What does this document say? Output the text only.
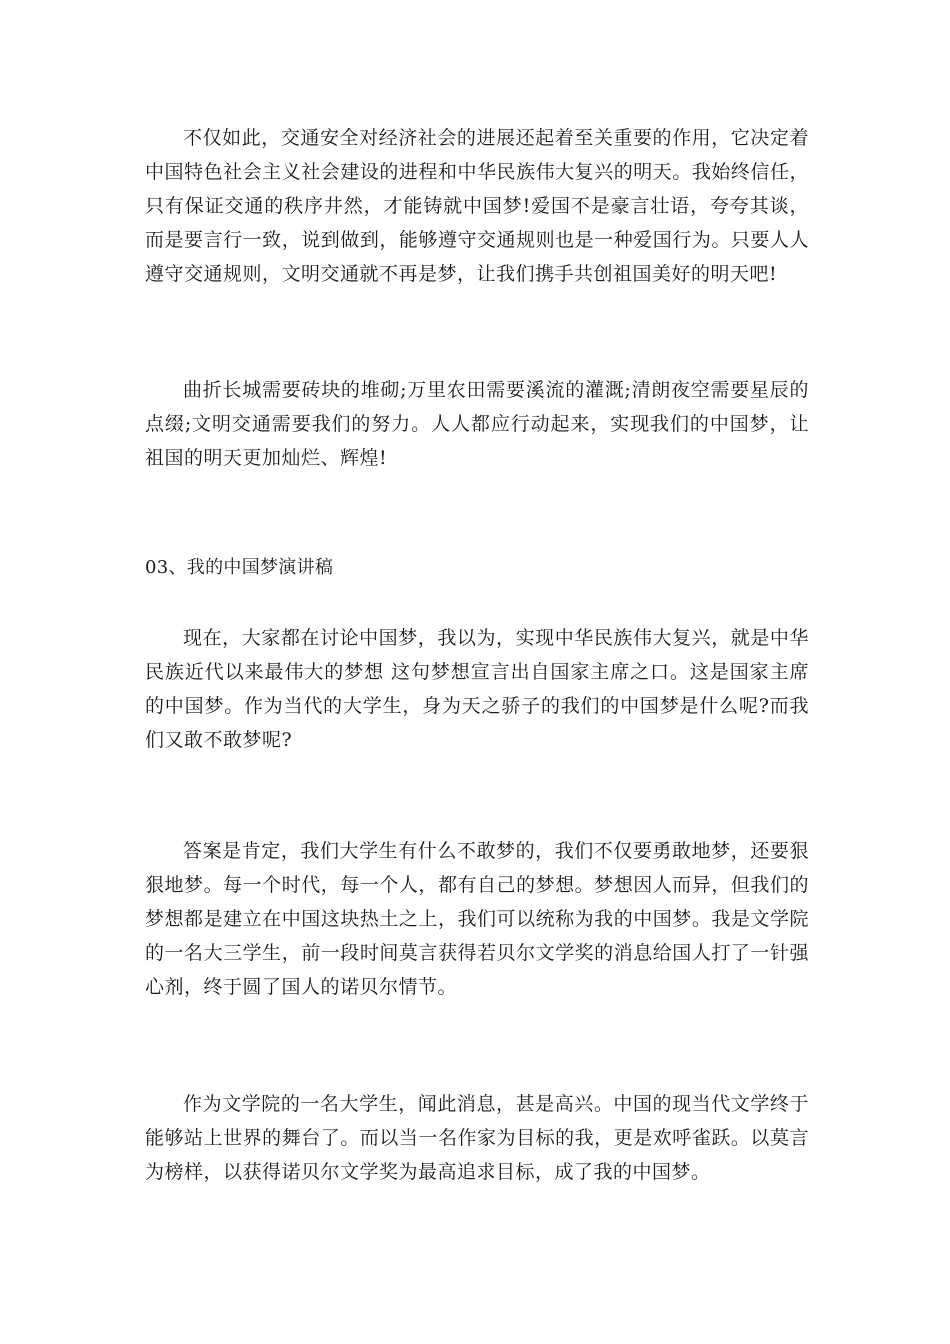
不仅如此，交通安全对经济社会的进展还起着至关重要的作用，它决定着中国特色社会主义社会建设的进程和中华民族伟大复兴的明天。我始终信任，只有保证交通的秩序井然，才能铸就中国梦!爱国不是豪言壮语，夸夸其谈，而是要言行一致，说到做到，能够遵守交通规则也是一种爱国行为。只要人人遵守交通规则，文明交通就不再是梦，让我们携手共创祖国美好的明天吧!

曲折长城需要砖块的堆砌;万里农田需要溪流的灌溉;清朗夜空需要星辰的点缀;文明交通需要我们的努力。人人都应行动起来，实现我们的中国梦，让祖国的明天更加灿烂、辉煌!

03、我的中国梦演讲稿

现在，大家都在讨论中国梦，我以为，实现中华民族伟大复兴，就是中华民族近代以来最伟大的梦想 这句梦想宣言出自国家主席之口。这是国家主席的中国梦。作为当代的大学生，身为天之骄子的我们的中国梦是什么呢?而我们又敢不敢梦呢?

答案是肯定，我们大学生有什么不敢梦的，我们不仅要勇敢地梦，还要狠狠地梦。每一个时代，每一个人，都有自己的梦想。梦想因人而异，但我们的梦想都是建立在中国这块热土之上，我们可以统称为我的中国梦。我是文学院的一名大三学生，前一段时间莫言获得若贝尔文学奖的消息给国人打了一针强心剂，终于圆了国人的诺贝尔情节。

作为文学院的一名大学生，闻此消息，甚是高兴。中国的现当代文学终于能够站上世界的舞台了。而以当一名作家为目标的我，更是欢呼雀跃。以莫言为榜样，以获得诺贝尔文学奖为最高追求目标，成了我的中国梦。
